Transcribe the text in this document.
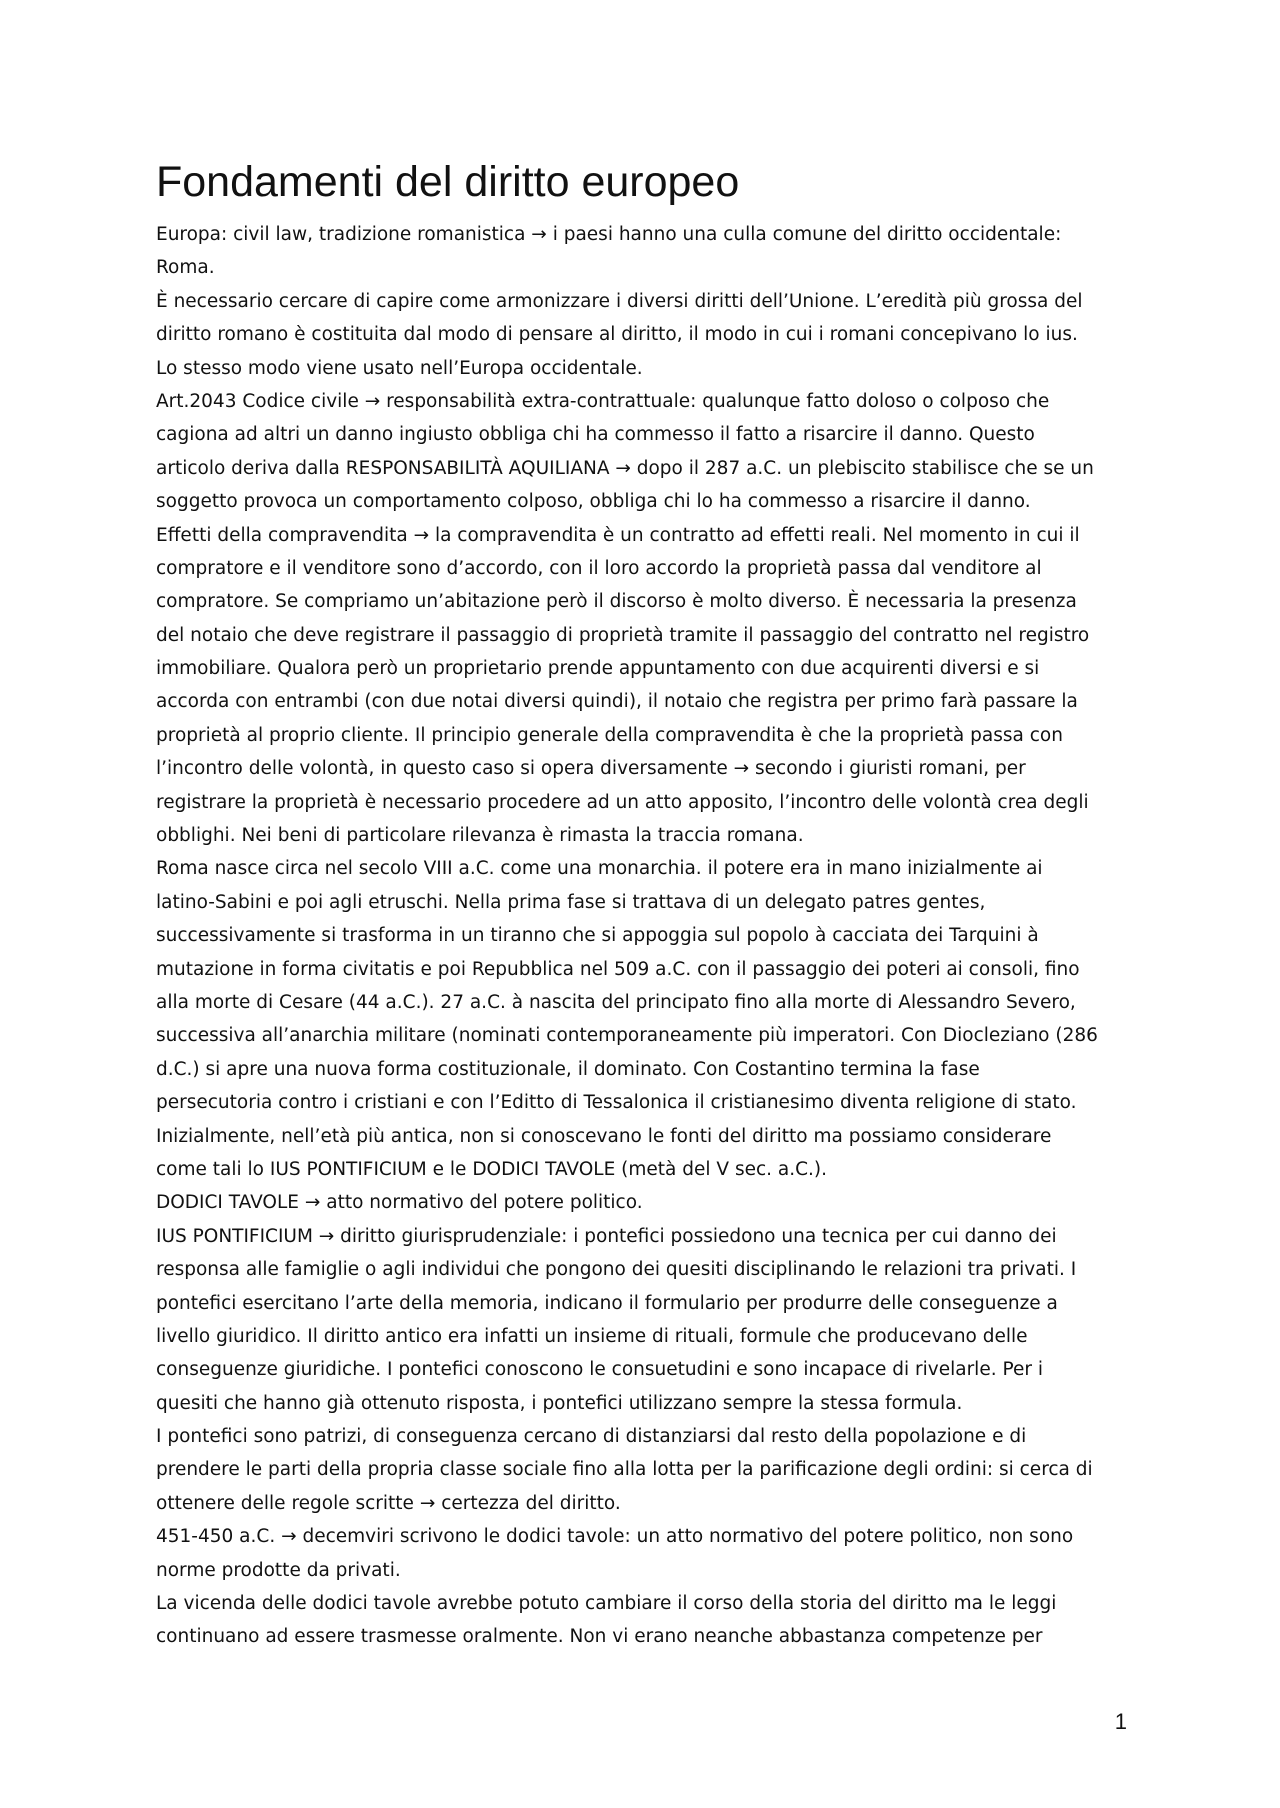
Fondamenti del diritto europeo
Europa: civil law, tradizione romanistica → i paesi hanno una culla comune del diritto occidentale:
Roma.
È necessario cercare di capire come armonizzare i diversi diritti dell’Unione. L’eredità più grossa del
diritto romano è costituita dal modo di pensare al diritto, il modo in cui i romani concepivano lo ius.
Lo stesso modo viene usato nell’Europa occidentale.
Art.2043 Codice civile → responsabilità extra-contrattuale: qualunque fatto doloso o colposo che
cagiona ad altri un danno ingiusto obbliga chi ha commesso il fatto a risarcire il danno. Questo
articolo deriva dalla RESPONSABILITÀ AQUILIANA → dopo il 287 a.C. un plebiscito stabilisce che se un
soggetto provoca un comportamento colposo, obbliga chi lo ha commesso a risarcire il danno.
Effetti della compravendita → la compravendita è un contratto ad effetti reali. Nel momento in cui il
compratore e il venditore sono d’accordo, con il loro accordo la proprietà passa dal venditore al
compratore. Se compriamo un’abitazione però il discorso è molto diverso. È necessaria la presenza
del notaio che deve registrare il passaggio di proprietà tramite il passaggio del contratto nel registro
immobiliare. Qualora però un proprietario prende appuntamento con due acquirenti diversi e si
accorda con entrambi (con due notai diversi quindi), il notaio che registra per primo farà passare la
proprietà al proprio cliente. Il principio generale della compravendita è che la proprietà passa con
l’incontro delle volontà, in questo caso si opera diversamente → secondo i giuristi romani, per
registrare la proprietà è necessario procedere ad un atto apposito, l’incontro delle volontà crea degli
obblighi. Nei beni di particolare rilevanza è rimasta la traccia romana.
Roma nasce circa nel secolo VIII a.C. come una monarchia. il potere era in mano inizialmente ai
latino-Sabini e poi agli etruschi. Nella prima fase si trattava di un delegato patres gentes,
successivamente si trasforma in un tiranno che si appoggia sul popolo à cacciata dei Tarquini à
mutazione in forma civitatis e poi Repubblica nel 509 a.C. con il passaggio dei poteri ai consoli, fino
alla morte di Cesare (44 a.C.). 27 a.C. à nascita del principato fino alla morte di Alessandro Severo,
successiva all’anarchia militare (nominati contemporaneamente più imperatori. Con Diocleziano (286
d.C.) si apre una nuova forma costituzionale, il dominato. Con Costantino termina la fase
persecutoria contro i cristiani e con l’Editto di Tessalonica il cristianesimo diventa religione di stato.
Inizialmente, nell’età più antica, non si conoscevano le fonti del diritto ma possiamo considerare
come tali lo IUS PONTIFICIUM e le DODICI TAVOLE (metà del V sec. a.C.).
DODICI TAVOLE → atto normativo del potere politico.
IUS PONTIFICIUM → diritto giurisprudenziale: i pontefici possiedono una tecnica per cui danno dei
responsa alle famiglie o agli individui che pongono dei quesiti disciplinando le relazioni tra privati. I
pontefici esercitano l’arte della memoria, indicano il formulario per produrre delle conseguenze a
livello giuridico. Il diritto antico era infatti un insieme di rituali, formule che producevano delle
conseguenze giuridiche. I pontefici conoscono le consuetudini e sono incapace di rivelarle. Per i
quesiti che hanno già ottenuto risposta, i pontefici utilizzano sempre la stessa formula.
I pontefici sono patrizi, di conseguenza cercano di distanziarsi dal resto della popolazione e di
prendere le parti della propria classe sociale fino alla lotta per la parificazione degli ordini: si cerca di
ottenere delle regole scritte → certezza del diritto.
451-450 a.C. → decemviri scrivono le dodici tavole: un atto normativo del potere politico, non sono
norme prodotte da privati.
La vicenda delle dodici tavole avrebbe potuto cambiare il corso della storia del diritto ma le leggi
continuano ad essere trasmesse oralmente. Non vi erano neanche abbastanza competenze per
1
